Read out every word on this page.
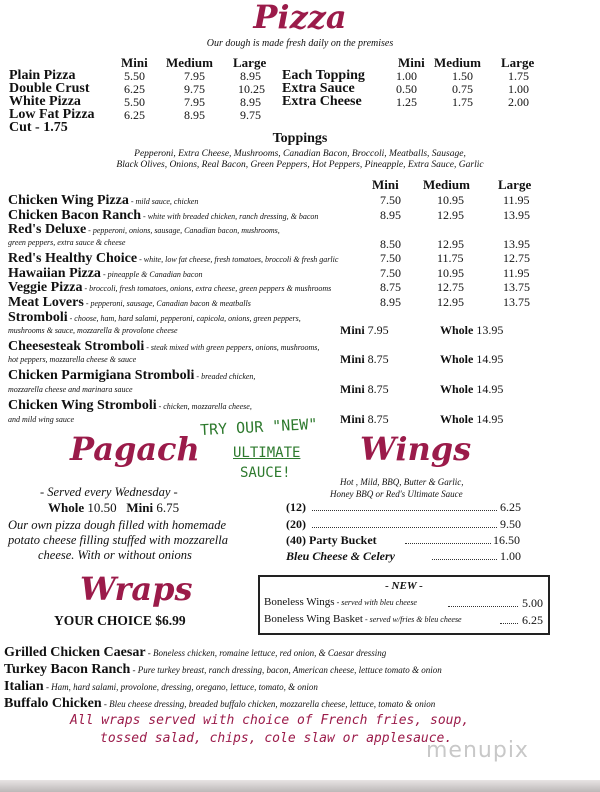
Pizza
Our dough is made fresh daily on the premises
Mini Medium Large	Mini Medium Large
Plain Pizza	5.50	7.95	8.95
Double Crust	6.25	9.75	10.25
White Pizza	5.50	7.95	8.95
Low Fat Pizza 6.25	8.95	9.75
Cut - 1.75
Each Topping	1.00	1.50	1.75
Extra Sauce	0.50	0.75	1.00
Extra Cheese	1.25	1.75	2.00
Toppings
Pepperoni, Extra Cheese, Mushrooms, Canadian Bacon, Broccoli, Meatballs, Sausage,
Black Olives, Onions, Real Bacon, Green Peppers, Hot Peppers, Pineapple, Extra Sauce, Garlic
Mini Medium Large
Chicken Wing Pizza - mild sauce, chicken	7.50	10.95	11.95
Chicken Bacon Ranch - white with breaded chicken, ranch dressing, & bacon	8.95	12.95	13.95
Red's Deluxe - pepperoni, onions, sausage, Canadian bacon, mushrooms,
green peppers, extra sauce & cheese	8.50	12.95	13.95
Red's Healthy Choice - white, low fat cheese, fresh tomatoes, broccoli & fresh garlic	7.50	11.75	12.75
Hawaiian Pizza - pineapple & Canadian bacon	7.50	10.95	11.95
Veggie Pizza - broccoli, fresh tomatoes, onions, extra cheese, green peppers & mushrooms	8.75	12.75	13.75
Meat Lovers - pepperoni, sausage, Canadian bacon & meatballs	8.95	12.95	13.75
Stromboli - choose, ham, hard salami, pepperoni, capicola, onions, green peppers,
mushrooms & sauce, mozzarella & provolone cheese	Mini 7.95	Whole 13.95
Cheesesteak Stromboli - steak mixed with green peppers, onions, mushrooms,
hot peppers, mozzarella cheese & sauce	Mini 8.75	Whole 14.95
Chicken Parmigiana Stromboli - breaded chicken,
mozzarella cheese and marinara sauce	Mini 8.75	Whole 14.95
Chicken Wing Stromboli - chicken, mozzarella cheese,
and mild wing sauce	Mini 8.75	Whole 14.95
TRY OUR "NEW"
ULTIMATE
SAUCE!
Pagach
- Served every Wednesday -
Whole 10.50 Mini 6.75
Our own pizza dough filled with homemade
potato cheese filling stuffed with mozzarella
cheese. With or without onions
Wings
Hot , Mild, BBQ, Butter & Garlic,
Honey BBQ or Red's Ultimate Sauce
(12)	6.25
(20)	9.50
(40) Party Bucket	16.50
Bleu Cheese & Celery	1.00
- NEW -
Boneless Wings - served with bleu cheese	5.00
Boneless Wing Basket - served w/fries & bleu cheese	6.25
Wraps
YOUR CHOICE $6.99
Grilled Chicken Caesar - Boneless chicken, romaine lettuce, red onion, & Caesar dressing
Turkey Bacon Ranch - Pure turkey breast, ranch dressing, bacon, American cheese, lettuce tomato & onion
Italian - Ham, hard salami, provolone, dressing, oregano, lettuce, tomato, & onion
Buffalo Chicken - Bleu cheese dressing, breaded buffalo chicken, mozzarella cheese, lettuce, tomato & onion
All wraps served with choice of French fries, soup,
tossed salad, chips, cole slaw or applesauce.
menupix
